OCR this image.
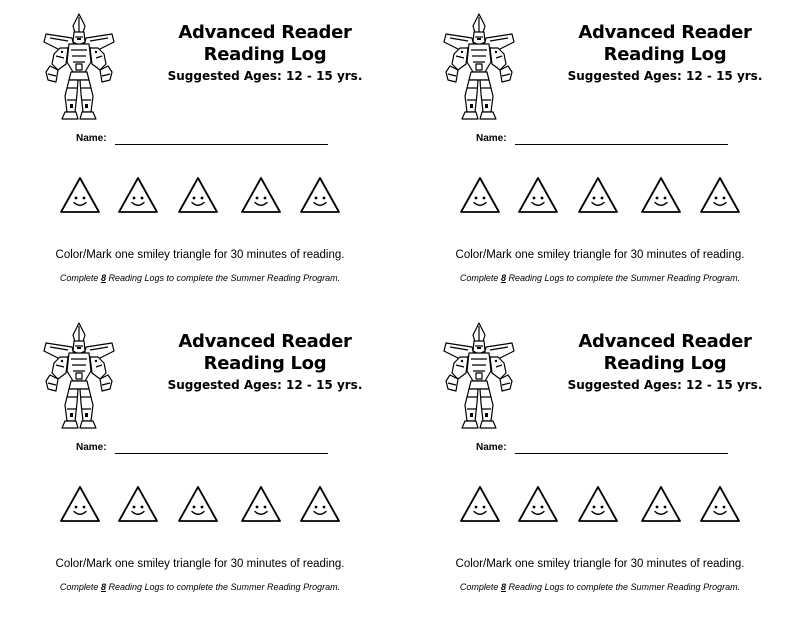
Advanced Reader
Reading Log
Suggested Ages: 12 - 15 yrs.
Name:
Color/Mark one smiley triangle for 30 minutes of reading.
Complete 8 Reading Logs to complete the Summer Reading Program.
Advanced Reader
Reading Log
Suggested Ages: 12 - 15 yrs.
Name:
Color/Mark one smiley triangle for 30 minutes of reading.
Complete 8 Reading Logs to complete the Summer Reading Program.
Advanced Reader
Reading Log
Suggested Ages: 12 - 15 yrs.
Name:
Color/Mark one smiley triangle for 30 minutes of reading.
Complete 8 Reading Logs to complete the Summer Reading Program.
Advanced Reader
Reading Log
Suggested Ages: 12 - 15 yrs.
Name:
Color/Mark one smiley triangle for 30 minutes of reading.
Complete 8 Reading Logs to complete the Summer Reading Program.
